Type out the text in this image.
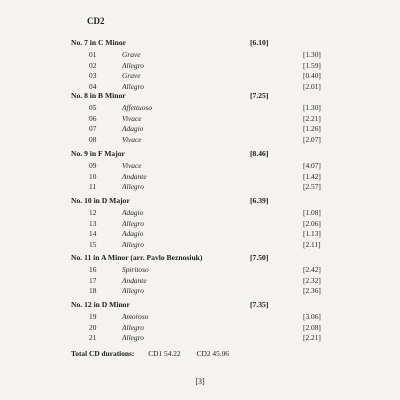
CD2
No. 7 in C Minor	[6.10]
01	Grave	[1.30]
02	Allegro	[1.59]
03	Grave	[0.40]
04	Allegro	[2.01]
No. 8 in B Minor	[7.25]
05	Affettuoso	[1.30]
06	Vivace	[2.21]
07	Adagio	[1.26]
08	Vivace	[2.07]
No. 9 in F Major	[8.46]
09	Vivace	[4.07]
10	Andante	[1.42]
11	Allegro	[2.57]
No. 10 in D Major	[6.39]
12	Adagio	[1.08]
13	Allegro	[2.06]
14	Adagio	[1.13]
15	Allegro	[2.11]
No. 11 in A Minor (arr. Pavlo Beznosiuk)	[7.50]
16	Spiritoso	[2.42]
17	Andante	[2.32]
18	Allegro	[2.36]
No. 12 in D Minor	[7.35]
19	Amoroso	[3.06]
20	Allegro	[2.08]
21	Allegro	[2.21]
Total CD durations: CD1 54.22 CD2 45.06
[3]
